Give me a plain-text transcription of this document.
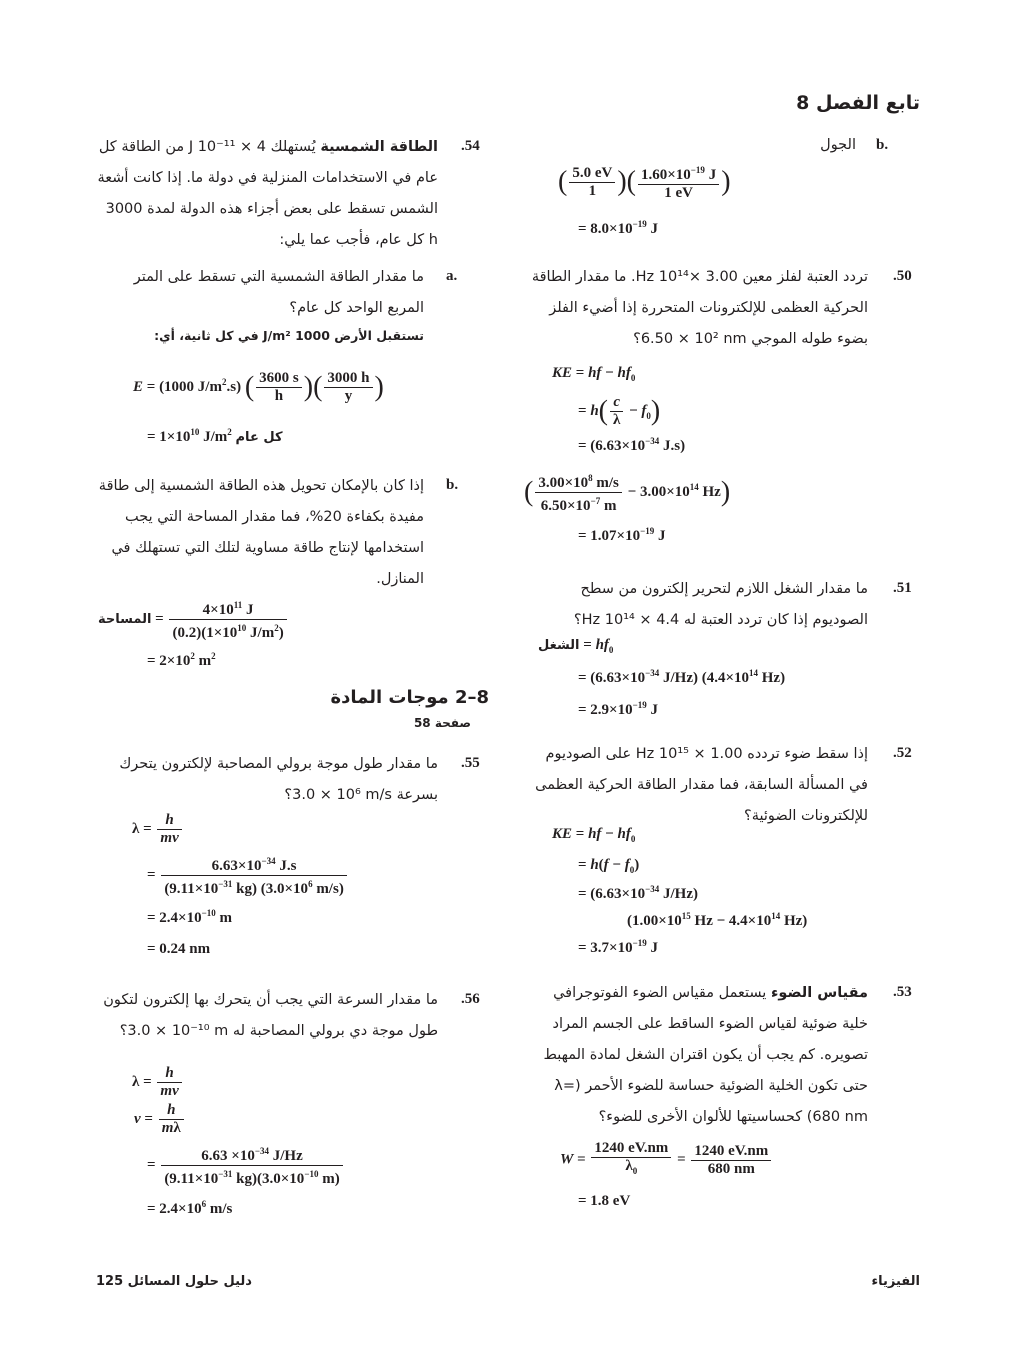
تابع الفصل 8
b.
الجول
( $\frac{5.0 eV}{1}$ )( $\frac{1.60\times 10^{-19} J}{1 eV}$ )
= $8.0\times 10^{-19}$ J
.50
تردد العتبة لفلز معين Hz ‎10¹⁴× 3.00. ما مقدار الطاقة الحركية العظمى للإلكترونات المتحررة إذا أضيء الفلز بضوء طوله الموجي ‎6.50 × 10² nm؟
KE = hf − $hf_0$
= $h( \frac{c}{\lambda} - f_0)$
= ($6.63\times 10^{-34}$ J.s)
( $\frac{3.00\times 10^8 m/s}{6.50\times 10^{-7} m} - 3.00\times 10^{14}$ Hz)
= $1.07\times 10^{-19}$ J
.51
ما مقدار الشغل اللازم لتحرير إلكترون من سطح الصوديوم إذا كان تردد العتبة له 4.4 × 10¹⁴ Hz؟
الشغل = $hf_0$
= ($6.63\times 10^{-34}$ J/Hz) ($4.4\times 10^{14}$ Hz)
= $2.9\times 10^{-19}$ J
.52
إذا سقط ضوء تردده 1.00 × 10¹⁵ Hz على الصوديوم في المسألة السابقة، فما مقدار الطاقة الحركية العظمى للإلكترونات الضوئية؟
KE = hf − $hf_0$
= $h(f - f_0)$
= ($6.63\times 10^{-34}$ J/Hz)
($1.00\times 10^{15}$ $Hz - 4.4\times 10^{14}$ Hz)
= $3.7\times 10^{-19}$ J
.53
مقياس الضوء يستعمل مقياس الضوء الفوتوجرافي خلية ضوئية لقياس الضوء الساقط على الجسم المراد تصويره. كم يجب أن يكون اقتران الشغل لمادة المهبط حتى تكون الخلية الضوئية حساسة للضوء الأحمر (λ= 680 nm) كحساسيتها للألوان الأخرى للضوء؟
$W = \frac{1240 eV.nm}{\lambda_0} = \frac{1240 eV.nm}{680 nm}$
= 1.8 eV
.54
الطاقة الشمسية يُستهلك J ‎10⁻¹¹ × 4 من الطاقة كل عام في الاستخدامات المنزلية في دولة ما. إذا كانت أشعة الشمس تسقط على بعض أجزاء هذه الدولة لمدة 3000 h كل عام، فأجب عما يلي:
a.
ما مقدار الطاقة الشمسية التي تسقط على المتر المربع الواحد كل عام؟
تستقبل الأرض 1000 J/m² في كل ثانية، أي:
E = (1000 $J/m^2.s$) ( $\frac{3600 s}{h}$ )( $\frac{3000 h}{y}$ )
= $1\times 10^{10}$ $J/m^2$ كل عام
b.
إذا كان بالإمكان تحويل هذه الطاقة الشمسية إلى طاقة مفيدة بكفاءة 20%، فما مقدار المساحة التي يجب استخدامها لإنتاج طاقة مساوية لتلك التي تستهلك في المنازل.
المساحة = $\frac{4\times 10^{11} J}{(0.2)(1\times 10^{10} J/m^2)}$
= $2\times 10^2$ $m^2$
8–2 موجات المادة
صفحة 58
.55
ما مقدار طول موجة برولي المصاحبة لإلكترون يتحرك بسرعة ‎3.0 × 10⁶ m/s؟
$\lambda = \frac{h}{mv}$
= $\frac{6.63\times 10^{-34} J.s}{(9.11\times 10^{-31} kg) (3.0\times 10^6 m/s)}$
= $2.4\times 10^{-10}$ m
= 0.24 nm
.56
ما مقدار السرعة التي يجب أن يتحرك بها إلكترون لتكون طول موجة دي برولي المصاحبة له ‎3.0 × 10⁻¹⁰ m؟
$\lambda = \frac{h}{mv}$
$v = \frac{h}{m\lambda}$
= $\frac{6.63 \times 10^{-34} J/Hz}{(9.11\times 10^{-31} kg)(3.0\times 10^{-10} m)}$
= $2.4\times 10^6$ m/s
125 دليل حلول المسائل	الفيزياء
